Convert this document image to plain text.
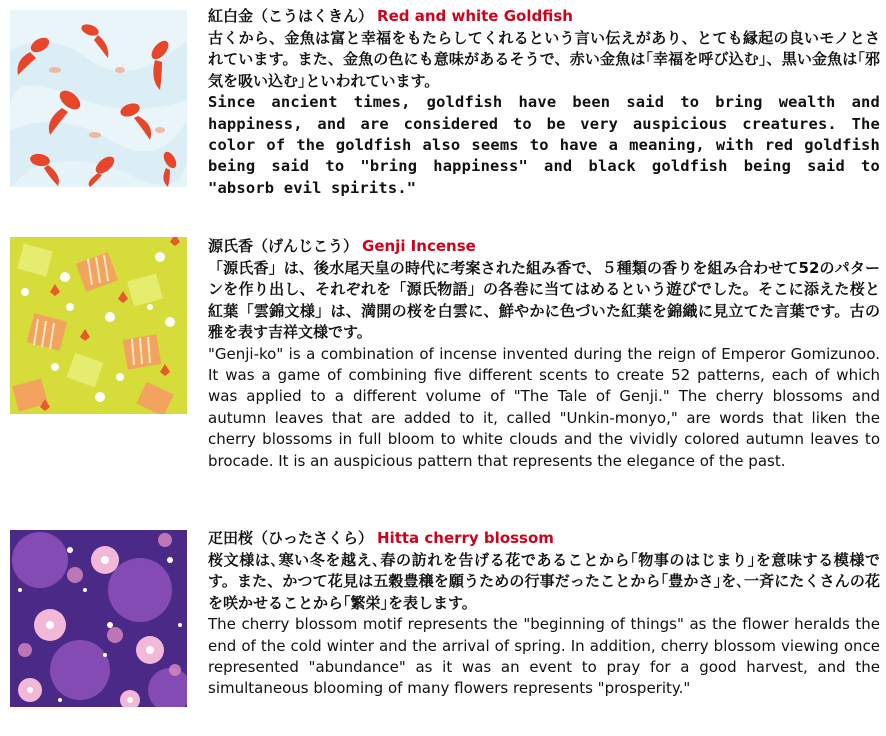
紅白金（こうはくきん） Red and white Goldfish
古くから、金魚は富と幸福をもたらしてくれるという言い伝えがあり、とても縁起の良いモノとされています。また、金魚の色にも意味があるそうで、赤い金魚は｢幸福を呼び込む｣、黒い金魚は｢邪気を吸い込む｣といわれています。
Since ancient times, goldfish have been said to bring wealth and happiness, and are considered to be very auspicious creatures. The color of the goldfish also seems to have a meaning, with red goldfish being said to "bring happiness" and black goldfish being said to "absorb evil spirits."
源氏香（げんじこう） Genji Incense
「源氏香」は、後水尾天皇の時代に考案された組み香で、５種類の香りを組み合わせて52のパターンを作り出し、それぞれを「源氏物語」の各巻に当てはめるという遊びでした。そこに添えた桜と紅葉「雲錦文様」は、満開の桜を白雲に、鮮やかに色づいた紅葉を錦織に見立てた言葉です。古の雅を表す吉祥文様です。
"Genji-ko" is a combination of incense invented during the reign of Emperor Gomizunoo. It was a game of combining five different scents to create 52 patterns, each of which was applied to a different volume of "The Tale of Genji." The cherry blossoms and autumn leaves that are added to it, called "Unkin-monyo," are words that liken the cherry blossoms in full bloom to white clouds and the vividly colored autumn leaves to brocade. It is an auspicious pattern that represents the elegance of the past.
疋田桜（ひったさくら） Hitta cherry blossom
桜文様は､寒い冬を越え､春の訪れを告げる花であることから｢物事のはじまり｣を意味する模様です。また、かつて花見は五穀豊穣を願うための行事だったことから｢豊かさ｣を､一斉にたくさんの花を咲かせることから｢繁栄｣を表します。
The cherry blossom motif represents the "beginning of things" as the flower heralds the end of the cold winter and the arrival of spring. In addition, cherry blossom viewing once represented "abundance" as it was an event to pray for a good harvest, and the simultaneous blooming of many flowers represents "prosperity."
